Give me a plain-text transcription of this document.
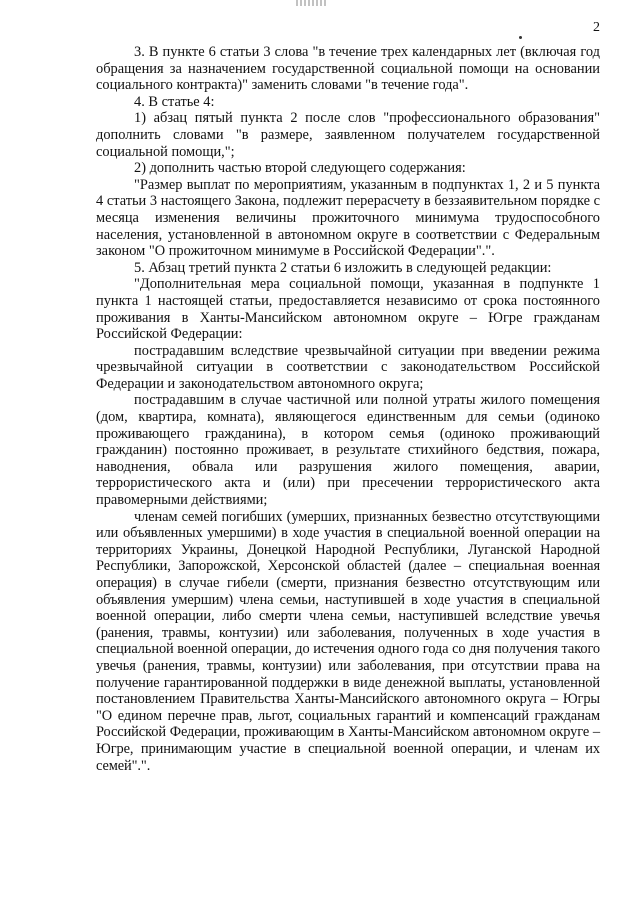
2

3. В пункте 6 статьи 3 слова "в течение трех календарных лет (включая год обращения за назначением государственной социальной помощи на основании социального контракта)" заменить словами "в течение года".

4. В статье 4:

1) абзац пятый пункта 2 после слов "профессионального образования" дополнить словами "в размере, заявленном получателем государственной социальной помощи,";

2) дополнить частью второй следующего содержания:

"Размер выплат по мероприятиям, указанным в подпунктах 1, 2 и 5 пункта 4 статьи 3 настоящего Закона, подлежит перерасчету в беззаявительном порядке с месяца изменения величины прожиточного минимума трудоспособного населения, установленной в автономном округе в соответствии с Федеральным законом "О прожиточном минимуме в Российской Федерации".".

5. Абзац третий пункта 2 статьи 6 изложить в следующей редакции:

"Дополнительная мера социальной помощи, указанная в подпункте 1 пункта 1 настоящей статьи, предоставляется независимо от срока постоянного проживания в Ханты-Мансийском автономном округе – Югре гражданам Российской Федерации:

пострадавшим вследствие чрезвычайной ситуации при введении режима чрезвычайной ситуации в соответствии с законодательством Российской Федерации и законодательством автономного округа;

пострадавшим в случае частичной или полной утраты жилого помещения (дом, квартира, комната), являющегося единственным для семьи (одиноко проживающего гражданина), в котором семья (одиноко проживающий гражданин) постоянно проживает, в результате стихийного бедствия, пожара, наводнения, обвала или разрушения жилого помещения, аварии, террористического акта и (или) при пресечении террористического акта правомерными действиями;

членам семей погибших (умерших, признанных безвестно отсутствующими или объявленных умершими) в ходе участия в специальной военной операции на территориях Украины, Донецкой Народной Республики, Луганской Народной Республики, Запорожской, Херсонской областей (далее – специальная военная операция) в случае гибели (смерти, признания безвестно отсутствующим или объявления умершим) члена семьи, наступившей в ходе участия в специальной военной операции, либо смерти члена семьи, наступившей вследствие увечья (ранения, травмы, контузии) или заболевания, полученных в ходе участия в специальной военной операции, до истечения одного года со дня получения такого увечья (ранения, травмы, контузии) или заболевания, при отсутствии права на получение гарантированной поддержки в виде денежной выплаты, установленной постановлением Правительства Ханты-Мансийского автономного округа – Югры "О едином перечне прав, льгот, социальных гарантий и компенсаций гражданам Российской Федерации, проживающим в Ханты-Мансийском автономном округе – Югре, принимающим участие в специальной военной операции, и членам их семей".".
